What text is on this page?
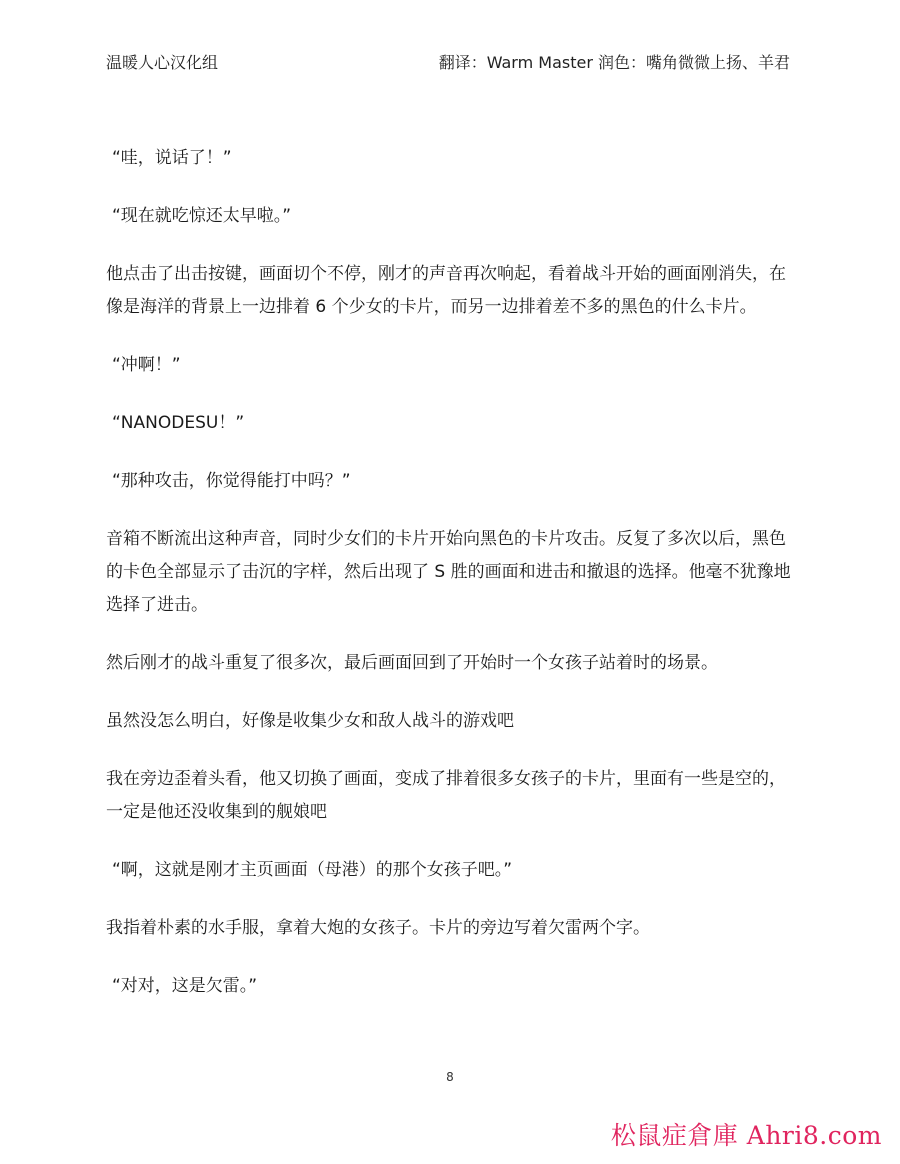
温暖人心汉化组	翻译：Warm Master 润色：嘴角微微上扬、羊君

“哇，说话了！”

“现在就吃惊还太早啦。”

他点击了出击按键，画面切个不停，刚才的声音再次响起，看着战斗开始的画面刚消失，在像是海洋的背景上一边排着 6 个少女的卡片，而另一边排着差不多的黑色的什么卡片。

“冲啊！”

“NANODESU！”

“那种攻击，你觉得能打中吗？”

音箱不断流出这种声音，同时少女们的卡片开始向黑色的卡片攻击。反复了多次以后，黑色的卡色全部显示了击沉的字样，然后出现了 S 胜的画面和进击和撤退的选择。他毫不犹豫地选择了进击。

然后刚才的战斗重复了很多次，最后画面回到了开始时一个女孩子站着时的场景。

虽然没怎么明白，好像是收集少女和敌人战斗的游戏吧

我在旁边歪着头看，他又切换了画面，变成了排着很多女孩子的卡片，里面有一些是空的，一定是他还没收集到的舰娘吧

“啊，这就是刚才主页画面（母港）的那个女孩子吧。”

我指着朴素的水手服，拿着大炮的女孩子。卡片的旁边写着欠雷两个字。

“对对，这是欠雷。”

8
松鼠症倉庫 Ahri8.com
